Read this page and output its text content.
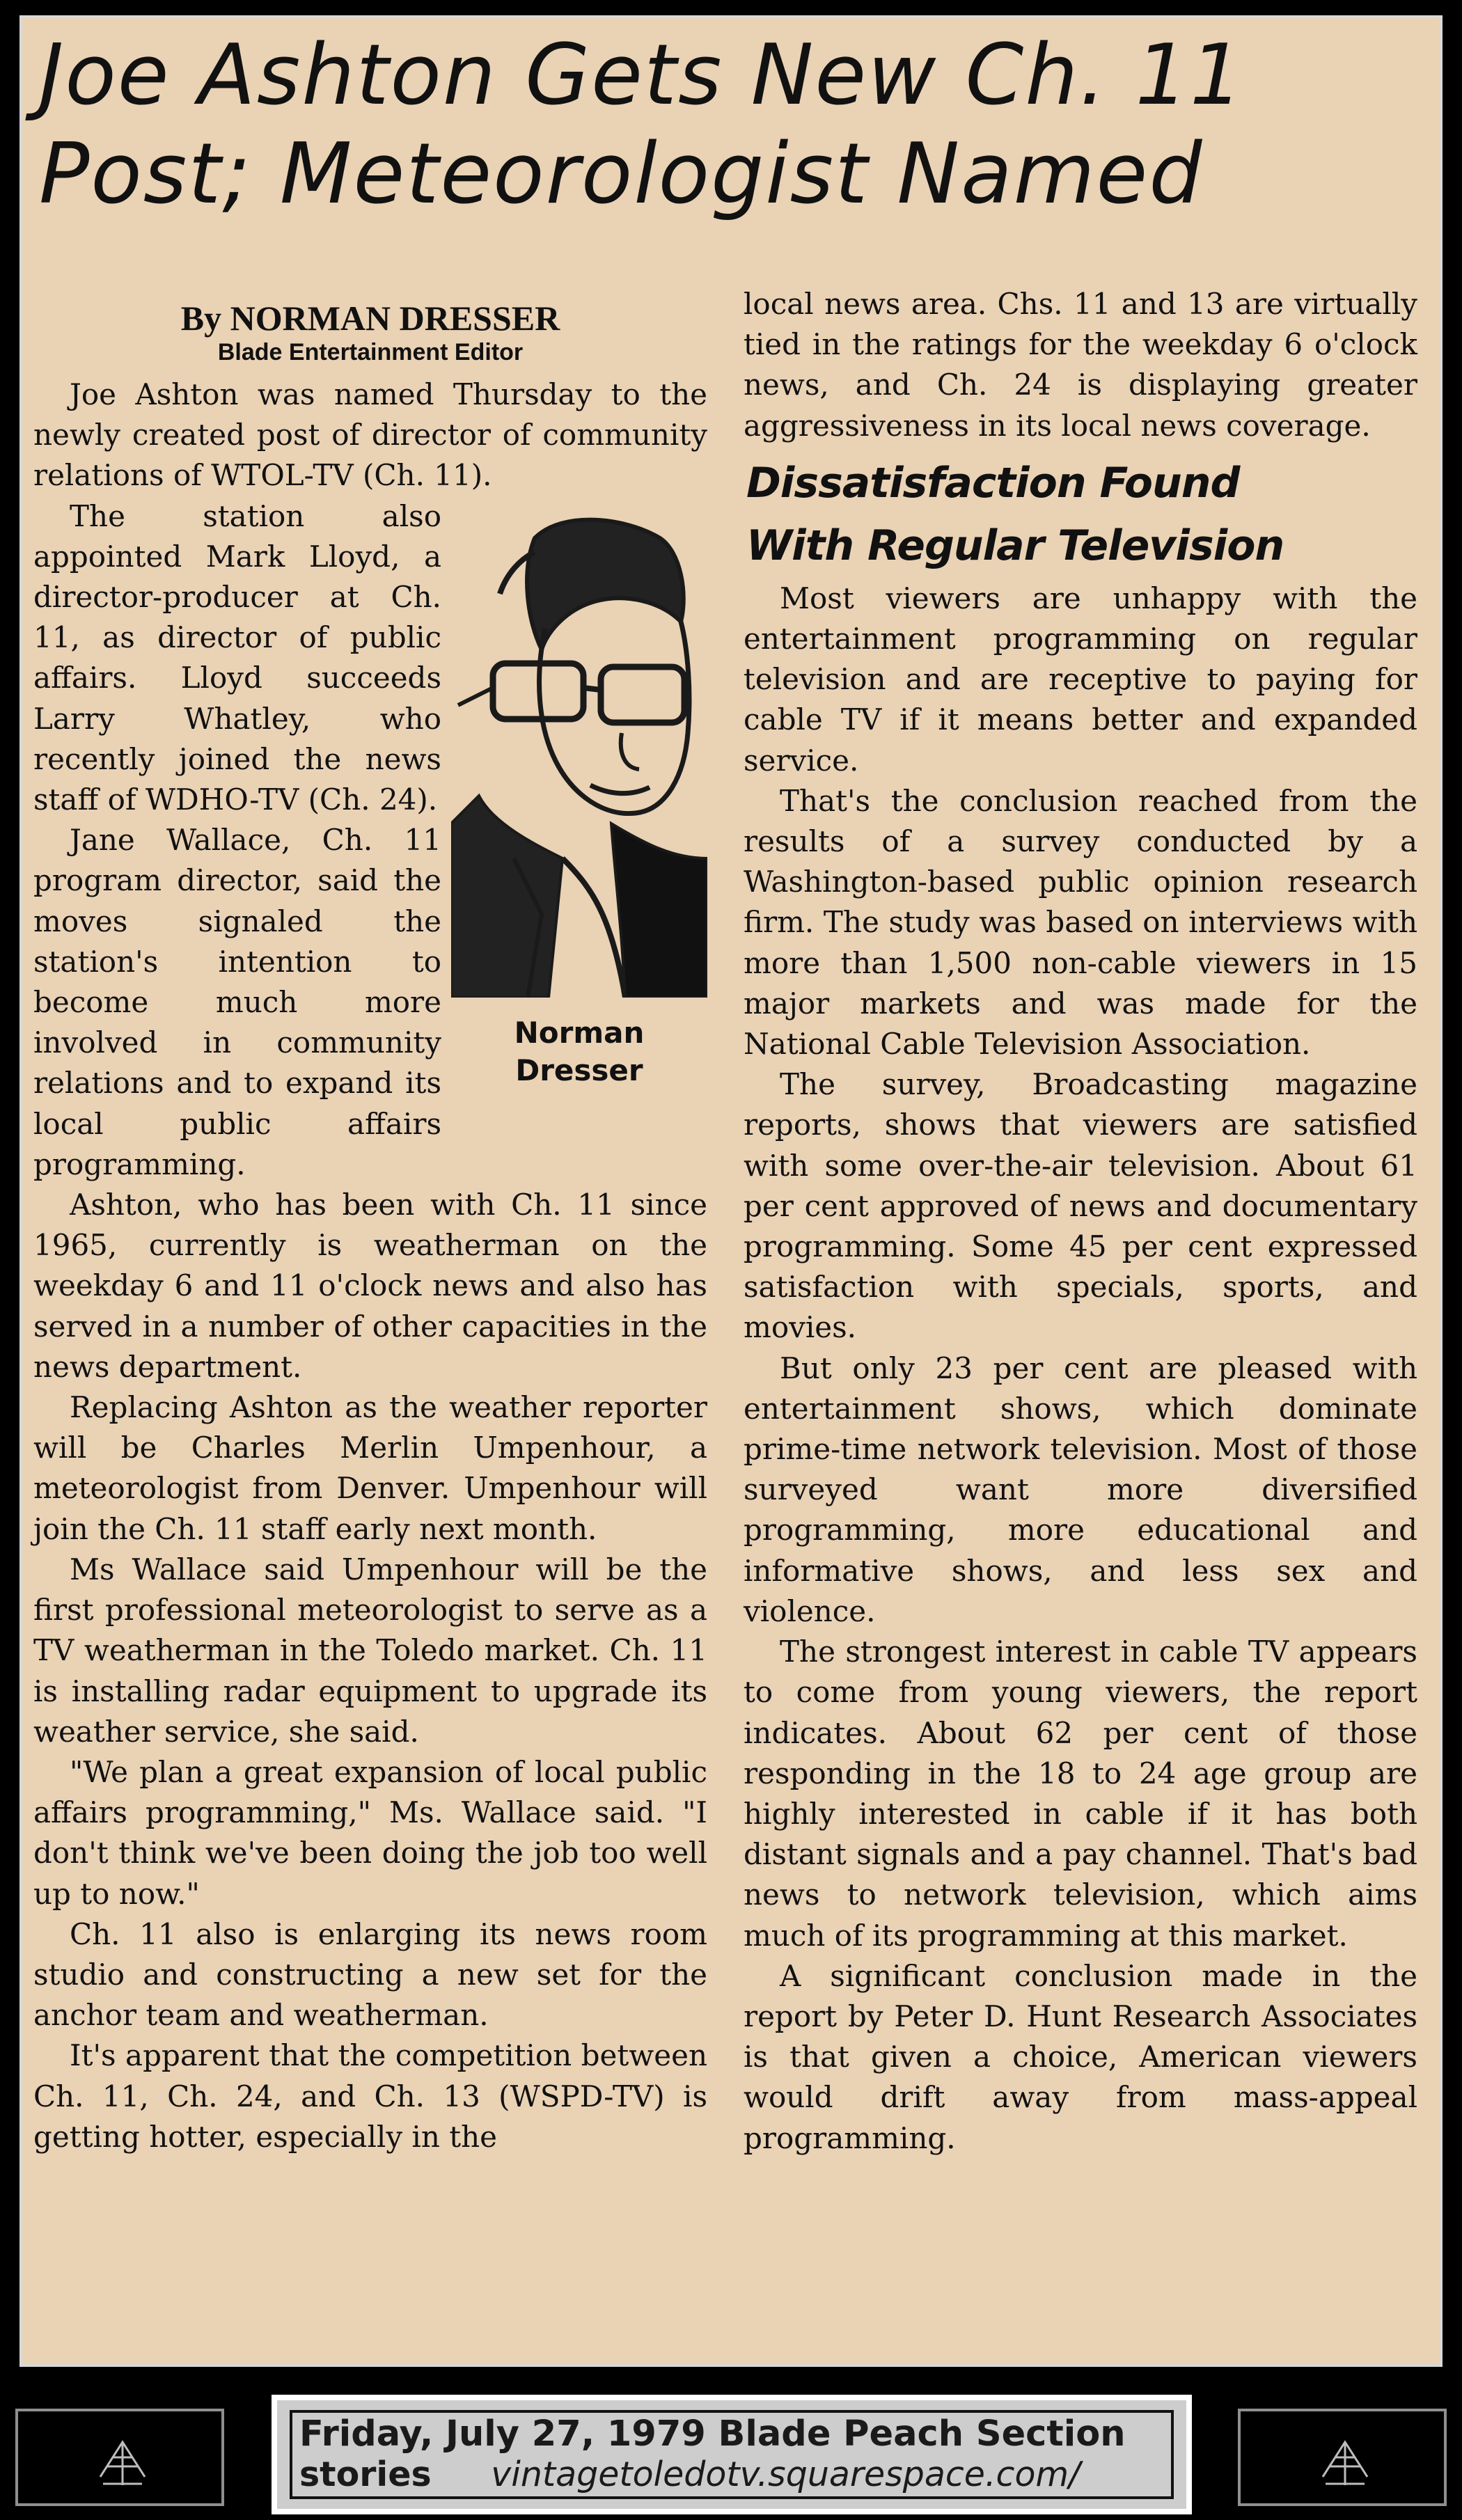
Joe Ashton Gets New Ch. 11
Post; Meteorologist Named
By NORMAN DRESSER
Blade Entertainment Editor

Joe Ashton was named Thursday to the newly created post of director of community relations of WTOL-TV (Ch. 11).

Norman
Dresser

The station also appointed Mark Lloyd, a director-producer at Ch. 11, as director of public affairs. Lloyd succeeds Larry Whatley, who recently joined the news staff of WDHO-TV (Ch. 24).

Jane Wallace, Ch. 11 program director, said the moves signaled the station's intention to become much more involved in community relations and to expand its local public affairs programming.

Ashton, who has been with Ch. 11 since 1965, currently is weatherman on the weekday 6 and 11 o'clock news and also has served in a number of other capacities in the news department.

Replacing Ashton as the weather reporter will be Charles Merlin Umpenhour, a meteorologist from Denver. Umpenhour will join the Ch. 11 staff early next month.

Ms Wallace said Umpenhour will be the first professional meteorologist to serve as a TV weatherman in the Toledo market. Ch. 11 is installing radar equipment to upgrade its weather service, she said.

"We plan a great expansion of local public affairs programming," Ms. Wallace said. "I don't think we've been doing the job too well up to now."

Ch. 11 also is enlarging its news room studio and constructing a new set for the anchor team and weatherman.

It's apparent that the competition between Ch. 11, Ch. 24, and Ch. 13 (WSPD-TV) is getting hotter, especially in the

local news area. Chs. 11 and 13 are virtually tied in the ratings for the weekday 6 o'clock news, and Ch. 24 is displaying greater aggressiveness in its local news coverage.

Dissatisfaction Found
With Regular Television

Most viewers are unhappy with the entertainment programming on regular television and are receptive to paying for cable TV if it means better and expanded service.

That's the conclusion reached from the results of a survey conducted by a Washington-based public opinion research firm. The study was based on interviews with more than 1,500 non-cable viewers in 15 major markets and was made for the National Cable Television Association.

The survey, Broadcasting magazine reports, shows that viewers are satisfied with some over-the-air television. About 61 per cent approved of news and documentary programming. Some 45 per cent expressed satisfaction with specials, sports, and movies.

But only 23 per cent are pleased with entertainment shows, which dominate prime-time network television. Most of those surveyed want more diversified programming, more educational and informative shows, and less sex and violence.

The strongest interest in cable TV appears to come from young viewers, the report indicates. About 62 per cent of those responding in the 18 to 24 age group are highly interested in cable if it has both distant signals and a pay channel. That's bad news to network television, which aims much of its programming at this market.

A significant conclusion made in the report by Peter D. Hunt Research Associates is that given a choice, American viewers would drift away from mass-appeal programming.

Friday, July 27, 1979 Blade Peach Section
stories vintagetoledotv.squarespace.com/
